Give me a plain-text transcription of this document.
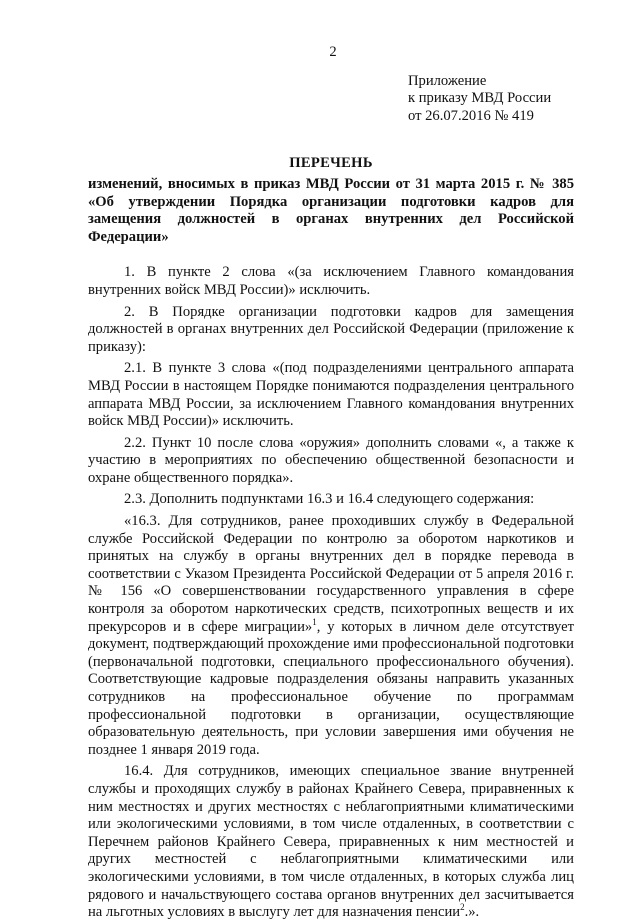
2
Приложение
к приказу МВД России
от 26.07.2016 № 419
ПЕРЕЧЕНЬ
изменений, вносимых в приказ МВД России от 31 марта 2015 г. № 385 «Об утверждении Порядка организации подготовки кадров для замещения должностей в органах внутренних дел Российской Федерации»

1. В пункте 2 слова «(за исключением Главного командования внутренних войск МВД России)» исключить.

2. В Порядке организации подготовки кадров для замещения должностей в органах внутренних дел Российской Федерации (приложение к приказу):

2.1. В пункте 3 слова «(под подразделениями центрального аппарата МВД России в настоящем Порядке понимаются подразделения центрального аппарата МВД России, за исключением Главного командования внутренних войск МВД России)» исключить.

2.2. Пункт 10 после слова «оружия» дополнить словами «, а также к участию в мероприятиях по обеспечению общественной безопасности и охране общественного порядка».

2.3. Дополнить подпунктами 16.3 и 16.4 следующего содержания:

«16.3. Для сотрудников, ранее проходивших службу в Федеральной службе Российской Федерации по контролю за оборотом наркотиков и принятых на службу в органы внутренних дел в порядке перевода в соответствии с Указом Президента Российской Федерации от 5 апреля 2016 г. № 156 «О совершенствовании государственного управления в сфере контроля за оборотом наркотических средств, психотропных веществ и их прекурсоров и в сфере миграции»$^1$, у которых в личном деле отсутствует документ, подтверждающий прохождение ими профессиональной подготовки (первоначальной подготовки, специального профессионального обучения). Соответствующие кадровые подразделения обязаны направить указанных сотрудников на профессиональное обучение по программам профессиональной подготовки в организации, осуществляющие образовательную деятельность, при условии завершения ими обучения не позднее 1 января 2019 года.

16.4. Для сотрудников, имеющих специальное звание внутренней службы и проходящих службу в районах Крайнего Севера, приравненных к ним местностях и других местностях с неблагоприятными климатическими или экологическими условиями, в том числе отдаленных, в соответствии с Перечнем районов Крайнего Севера, приравненных к ним местностей и других местностей с неблагоприятными климатическими или экологическими условиями, в том числе отдаленных, в которых служба лиц рядового и начальствующего состава органов внутренних дел засчитывается на льготных условиях в выслугу лет для назначения пенсии$^2$.».
